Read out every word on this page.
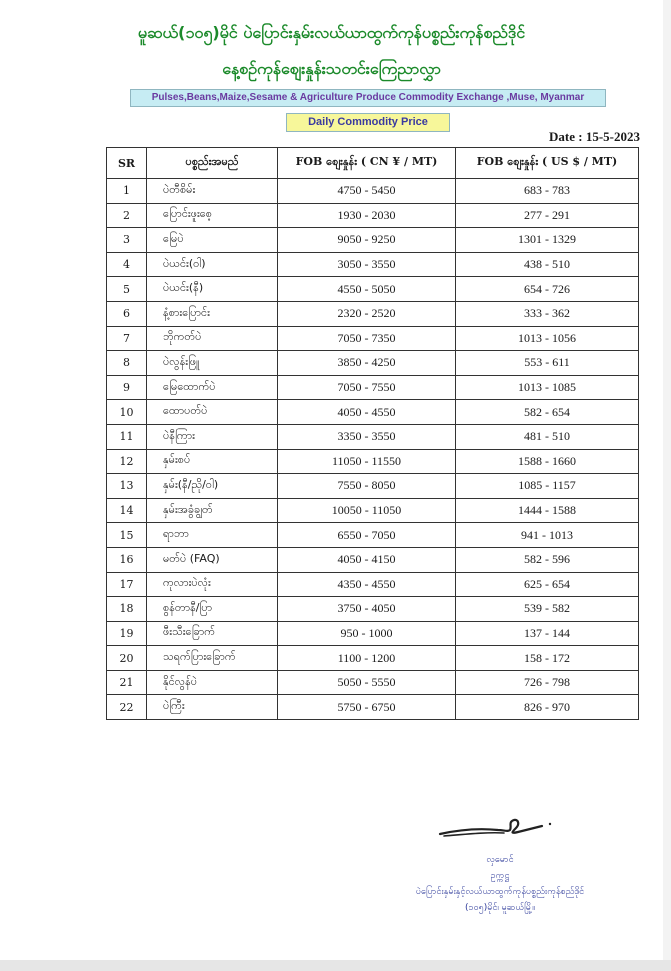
မူဆယ်(၁၀၅)မိုင် ပဲပြောင်းနှမ်းလယ်ယာထွက်ကုန်ပစ္စည်းကုန်စည်ဒိုင်
နေ့စဉ်ကုန်စျေးနှုန်းသတင်းကြေညာလွှာ
Pulses,Beans,Maize,Sesame & Agriculture Produce Commodity Exchange ,Muse, Myanmar
Daily Commodity Price
Date : 15-5-2023
SR	ပစ္စည်းအမည်	FOB စျေးနှုန်း ( CN ¥ / MT)	FOB စျေးနှုန်း ( US $ / MT)
1	ပဲတီစိမ်း	4750 - 5450	683 - 783
2	ပြောင်းဖူးစေ့	1930 - 2030	277 - 291
3	မြေပဲ	9050 - 9250	1301 - 1329
4	ပဲယင်း(ဝါ)	3050 - 3550	438 - 510
5	ပဲယင်း(နီ)	4550 - 5050	654 - 726
6	နံ့စားပြောင်း	2320 - 2520	333 - 362
7	ဘိုကတ်ပဲ	7050 - 7350	1013 - 1056
8	ပဲလွန်းဖြူ	3850 - 4250	553 - 611
9	မြေထောက်ပဲ	7050 - 7550	1013 - 1085
10	ထောပတ်ပဲ	4050 - 4550	582 - 654
11	ပဲနီကြား	3350 - 3550	481 - 510
12	နှမ်းစပ်	11050 - 11550	1588 - 1660
13	နှမ်း(နီ/ညို/ဝါ)	7550 - 8050	1085 - 1157
14	နှမ်းအခွံချွတ်	10050 - 11050	1444 - 1588
15	ရာဘာ	6550 - 7050	941 - 1013
16	မတ်ပဲ (FAQ)	4050 - 4150	582 - 596
17	ကုလားပဲလုံး	4350 - 4550	625 - 654
18	စွန်တာနီ/ပြာ	3750 - 4050	539 - 582
19	ဖီးသီးခြောက်	950 - 1000	137 - 144
20	သရက်ပြားခြောက်	1100 - 1200	158 - 172
21	နိုင်လွန်ပဲ	5050 - 5550	726 - 798
22	ပဲကြီး	5750 - 6750	826 - 970
လှမောင်
ဥက္ကဋ္ဌ
ပဲပြောင်းနှမ်းနှင့်လယ်ယာထွက်ကုန်ပစ္စည်းကုန်စည်ဒိုင်
(၁၀၅)မိုင်၊ မူဆယ်မြို့။
